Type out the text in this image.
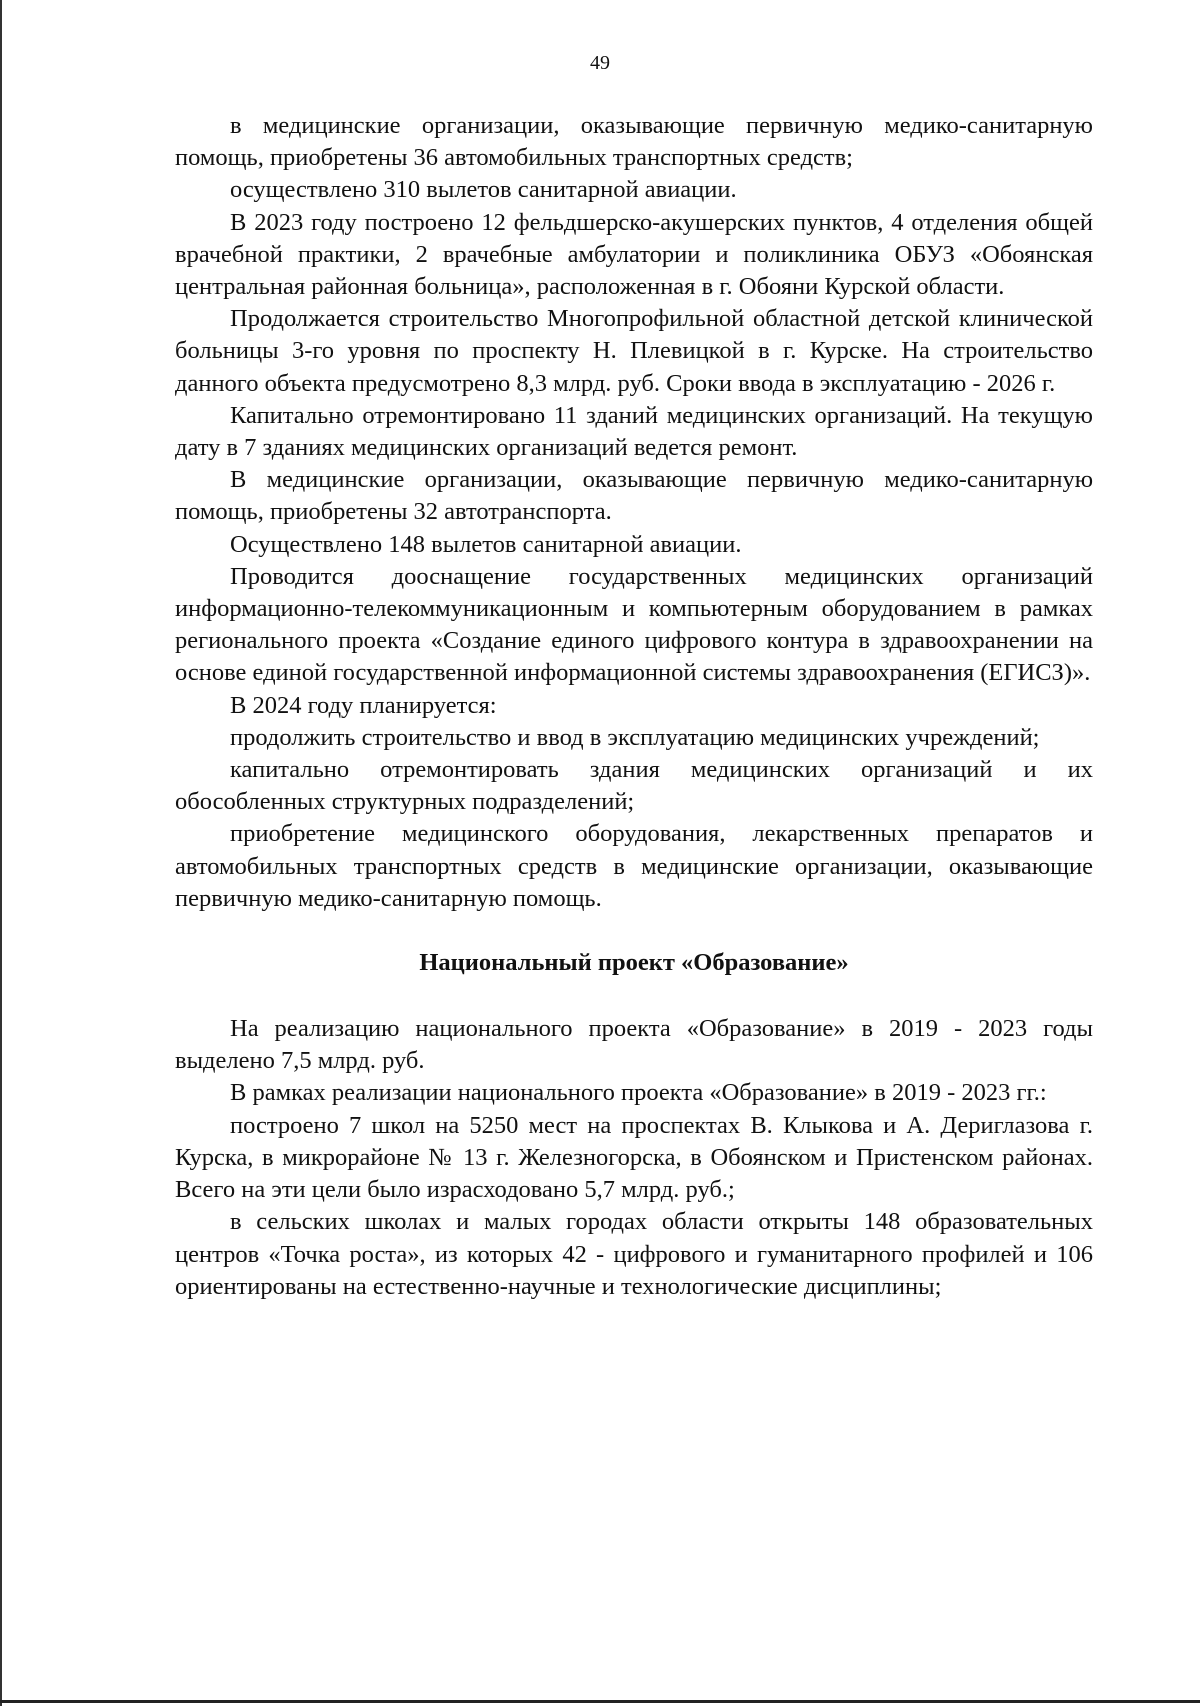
49

в медицинские организации, оказывающие первичную медико-санитарную помощь, приобретены 36 автомобильных транспортных средств;

осуществлено 310 вылетов санитарной авиации.

В 2023 году построено 12 фельдшерско-акушерских пунктов, 4 отделения общей врачебной практики, 2 врачебные амбулатории и поликлиника ОБУЗ «Обоянская центральная районная больница», расположенная в г. Обояни Курской области.

Продолжается строительство Многопрофильной областной детской клинической больницы 3-го уровня по проспекту Н. Плевицкой в г. Курске. На строительство данного объекта предусмотрено 8,3 млрд. руб. Сроки ввода в эксплуатацию - 2026 г.

Капитально отремонтировано 11 зданий медицинских организаций. На текущую дату в 7 зданиях медицинских организаций ведется ремонт.

В медицинские организации, оказывающие первичную медико-санитарную помощь, приобретены 32 автотранспорта.

Осуществлено 148 вылетов санитарной авиации.

Проводится дооснащение государственных медицинских организаций информационно-телекоммуникационным и компьютерным оборудованием в рамках регионального проекта «Создание единого цифрового контура в здравоохранении на основе единой государственной информационной системы здравоохранения (ЕГИСЗ)».

В 2024 году планируется:

продолжить строительство и ввод в эксплуатацию медицинских учреждений;

капитально отремонтировать здания медицинских организаций и их обособленных структурных подразделений;

приобретение медицинского оборудования, лекарственных препаратов и автомобильных транспортных средств в медицинские организации, оказывающие первичную медико-санитарную помощь.

Национальный проект «Образование»

На реализацию национального проекта «Образование» в 2019 - 2023 годы выделено 7,5 млрд. руб.

В рамках реализации национального проекта «Образование» в 2019 - 2023 гг.:

построено 7 школ на 5250 мест на проспектах В. Клыкова и А. Дериглазова г. Курска, в микрорайоне № 13 г. Железногорска, в Обоянском и Пристенском районах. Всего на эти цели было израсходовано 5,7 млрд. руб.;

в сельских школах и малых городах области открыты 148 образовательных центров «Точка роста», из которых 42 - цифрового и гуманитарного профилей и 106 ориентированы на естественно-научные и технологические дисциплины;
